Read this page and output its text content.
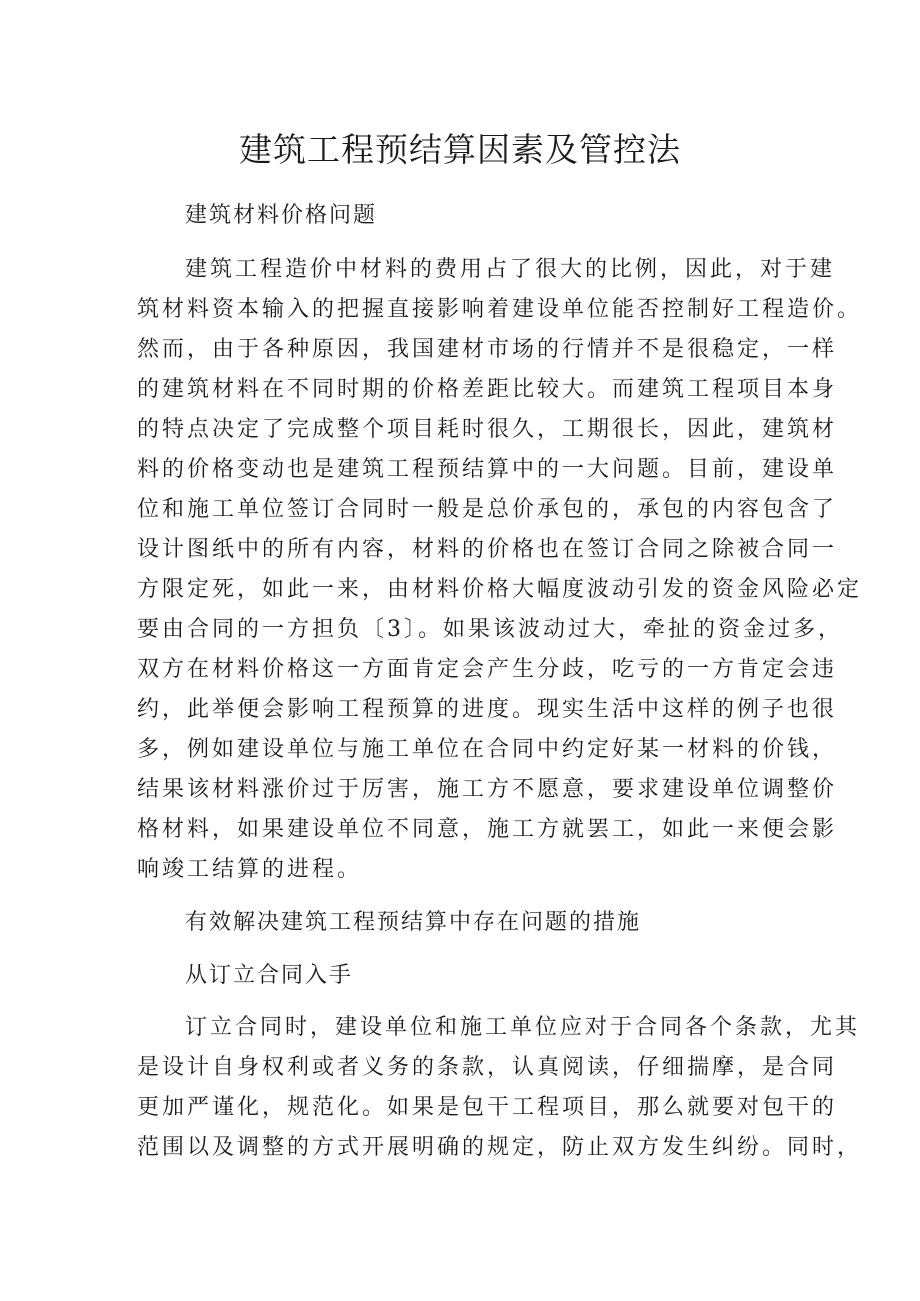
建筑工程预结算因素及管控法
建筑材料价格问题
建筑工程造价中材料的费用占了很大的比例，因此，对于建
筑材料资本输入的把握直接影响着建设单位能否控制好工程造价。
然而，由于各种原因，我国建材市场的行情并不是很稳定，一样
的建筑材料在不同时期的价格差距比较大。而建筑工程项目本身
的特点决定了完成整个项目耗时很久，工期很长，因此，建筑材
料的价格变动也是建筑工程预结算中的一大问题。目前，建设单
位和施工单位签订合同时一般是总价承包的，承包的内容包含了
设计图纸中的所有内容，材料的价格也在签订合同之除被合同一
方限定死，如此一来，由材料价格大幅度波动引发的资金风险必定
要由合同的一方担负〔3〕。如果该波动过大，牵扯的资金过多，
双方在材料价格这一方面肯定会产生分歧，吃亏的一方肯定会违
约，此举便会影响工程预算的进度。现实生活中这样的例子也很
多，例如建设单位与施工单位在合同中约定好某一材料的价钱，
结果该材料涨价过于厉害，施工方不愿意，要求建设单位调整价
格材料，如果建设单位不同意，施工方就罢工，如此一来便会影
响竣工结算的进程。
有效解决建筑工程预结算中存在问题的措施
从订立合同入手
订立合同时，建设单位和施工单位应对于合同各个条款，尤其
是设计自身权利或者义务的条款，认真阅读，仔细揣摩，是合同
更加严谨化，规范化。如果是包干工程项目，那么就要对包干的
范围以及调整的方式开展明确的规定，防止双方发生纠纷。同时，
